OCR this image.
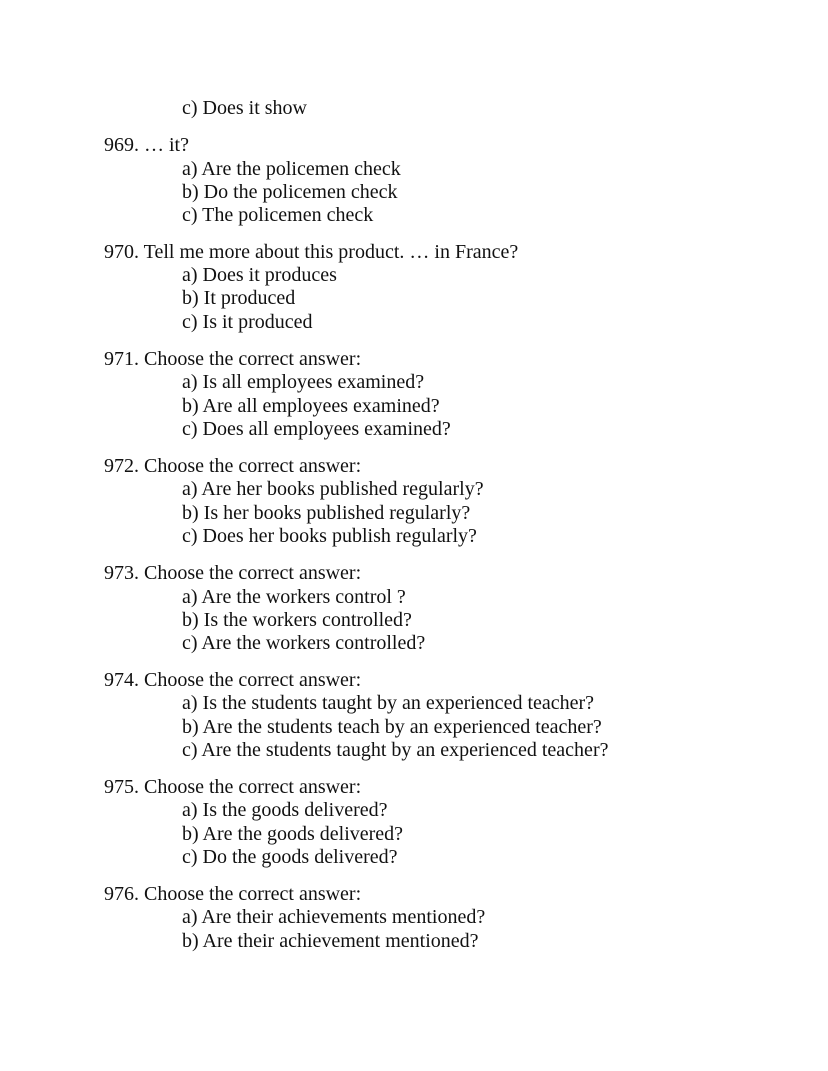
c) Does it show
969. … it?
a) Are the policemen check
b) Do the policemen check
c) The policemen check
970. Tell me more about this product. … in France?
a) Does it produces
b) It produced
c) Is it produced
971. Choose the correct answer:
a) Is all employees examined?
b) Are all employees examined?
c) Does all employees examined?
972. Choose the correct answer:
a) Are her books published regularly?
b) Is her books published regularly?
c) Does her books publish regularly?
973. Choose the correct answer:
a) Are the workers control ?
b) Is the workers controlled?
c) Are the workers controlled?
974. Choose the correct answer:
a) Is the students taught by an experienced teacher?
b) Are the students teach by an experienced teacher?
c) Are the students taught by an experienced teacher?
975. Choose the correct answer:
a) Is the goods delivered?
b) Are the goods delivered?
c) Do the goods delivered?
976. Choose the correct answer:
a) Are their achievements mentioned?
b) Are their achievement mentioned?
